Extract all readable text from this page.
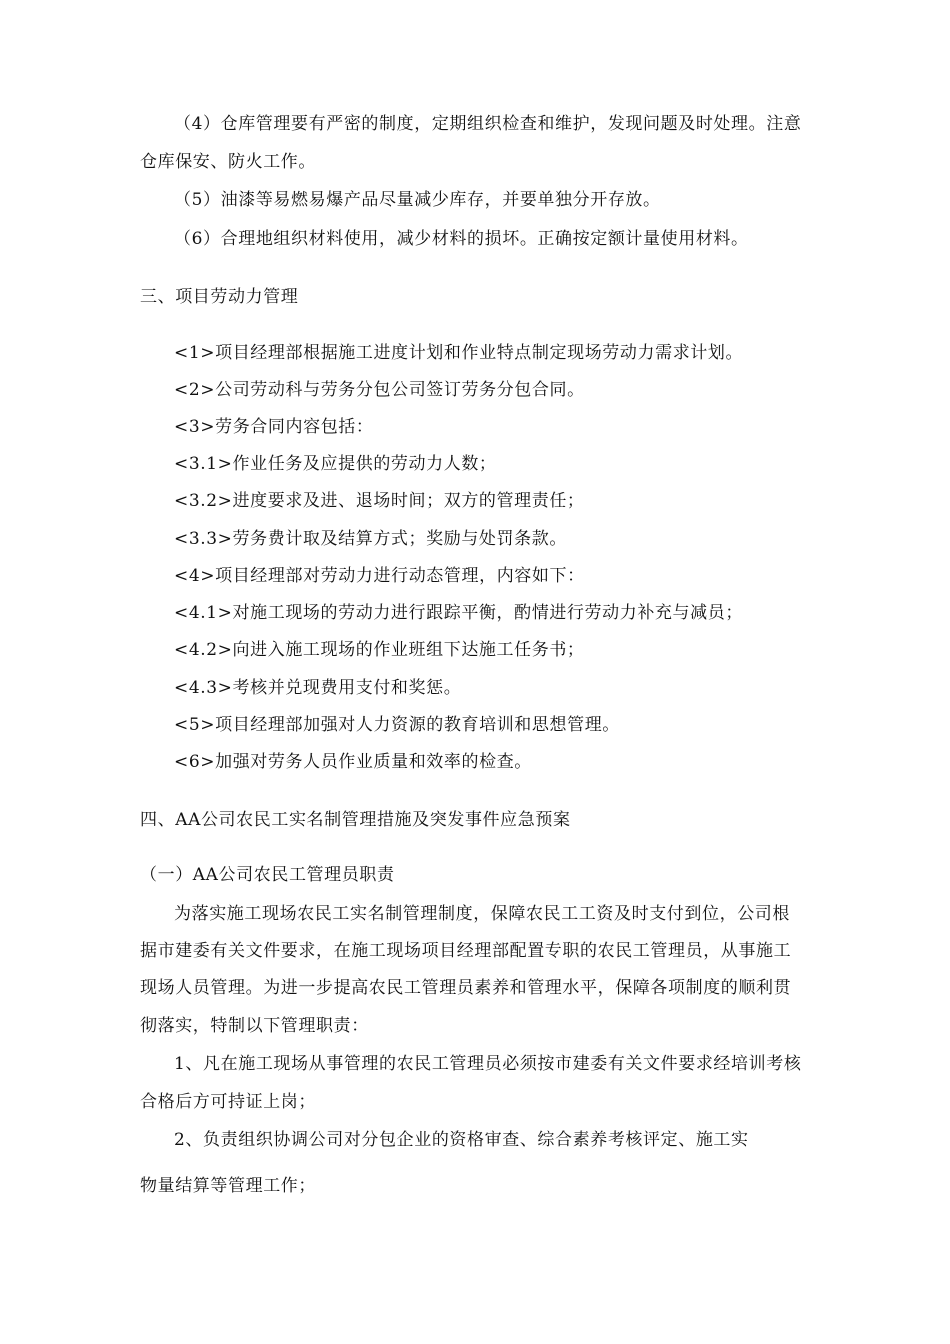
（4）仓库管理要有严密的制度，定期组织检查和维护，发现问题及时处理。注意
仓库保安、防火工作。
（5）油漆等易燃易爆产品尽量减少库存，并要单独分开存放。
（6）合理地组织材料使用，减少材料的损坏。正确按定额计量使用材料。
三、项目劳动力管理
<1>项目经理部根据施工进度计划和作业特点制定现场劳动力需求计划。
<2>公司劳动科与劳务分包公司签订劳务分包合同。
<3>劳务合同内容包括：
<3.1>作业任务及应提供的劳动力人数；
<3.2>进度要求及进、退场时间；双方的管理责任；
<3.3>劳务费计取及结算方式；奖励与处罚条款。
<4>项目经理部对劳动力进行动态管理，内容如下：
<4.1>对施工现场的劳动力进行跟踪平衡，酌情进行劳动力补充与减员；
<4.2>向进入施工现场的作业班组下达施工任务书；
<4.3>考核并兑现费用支付和奖惩。
<5>项目经理部加强对人力资源的教育培训和思想管理。
<6>加强对劳务人员作业质量和效率的检查。
四、AA公司农民工实名制管理措施及突发事件应急预案
（一）AA公司农民工管理员职责
为落实施工现场农民工实名制管理制度，保障农民工工资及时支付到位，公司根
据市建委有关文件要求，在施工现场项目经理部配置专职的农民工管理员，从事施工
现场人员管理。为进一步提高农民工管理员素养和管理水平，保障各项制度的顺利贯
彻落实，特制以下管理职责：
1、凡在施工现场从事管理的农民工管理员必须按市建委有关文件要求经培训考核
合格后方可持证上岗；
2、负责组织协调公司对分包企业的资格审查、综合素养考核评定、施工实
物量结算等管理工作；
